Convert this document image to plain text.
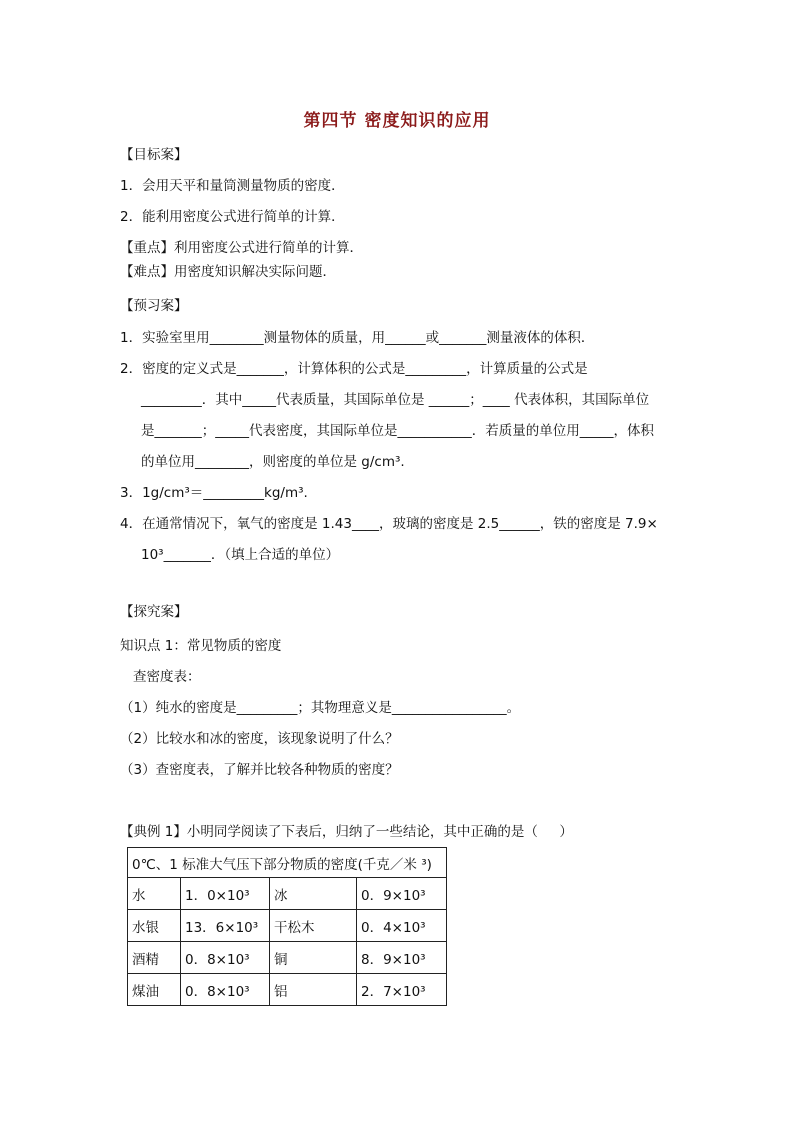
第四节 密度知识的应用
【目标案】
1．会用天平和量筒测量物质的密度．
2．能利用密度公式进行简单的计算．
【重点】利用密度公式进行简单的计算．
【难点】用密度知识解决实际问题．
【预习案】
1．实验室里用________测量物体的质量，用______或_______测量液体的体积．
2．密度的定义式是_______，计算体积的公式是_________，计算质量的公式是
_________．其中_____代表质量，其国际单位是 ______；____ 代表体积，其国际单位
是_______；_____代表密度，其国际单位是___________．若质量的单位用_____，体积
的单位用________，则密度的单位是 g/cm³.
3．1g/cm³＝_________kg/m³.
4．在通常情况下，氧气的密度是 1.43____，玻璃的密度是 2.5______，铁的密度是 7.9×
10³_______．（填上合适的单位）
【探究案】
知识点 1：常见物质的密度
查密度表：
（1）纯水的密度是_________；其物理意义是_________________。
（2）比较水和冰的密度，该现象说明了什么？
（3）查密度表，了解并比较各种物质的密度？
【典例 1】小明同学阅读了下表后，归纳了一些结论，其中正确的是（     ）
0℃、1 标准大气压下部分物质的密度(千克／米 ³)			
水	1．0×10³	冰	0．9×10³
水银	13．6×10³	干松木	0．4×10³
酒精	0．8×10³	铜	8．9×10³
煤油	0．8×10³	铝	2．7×10³
